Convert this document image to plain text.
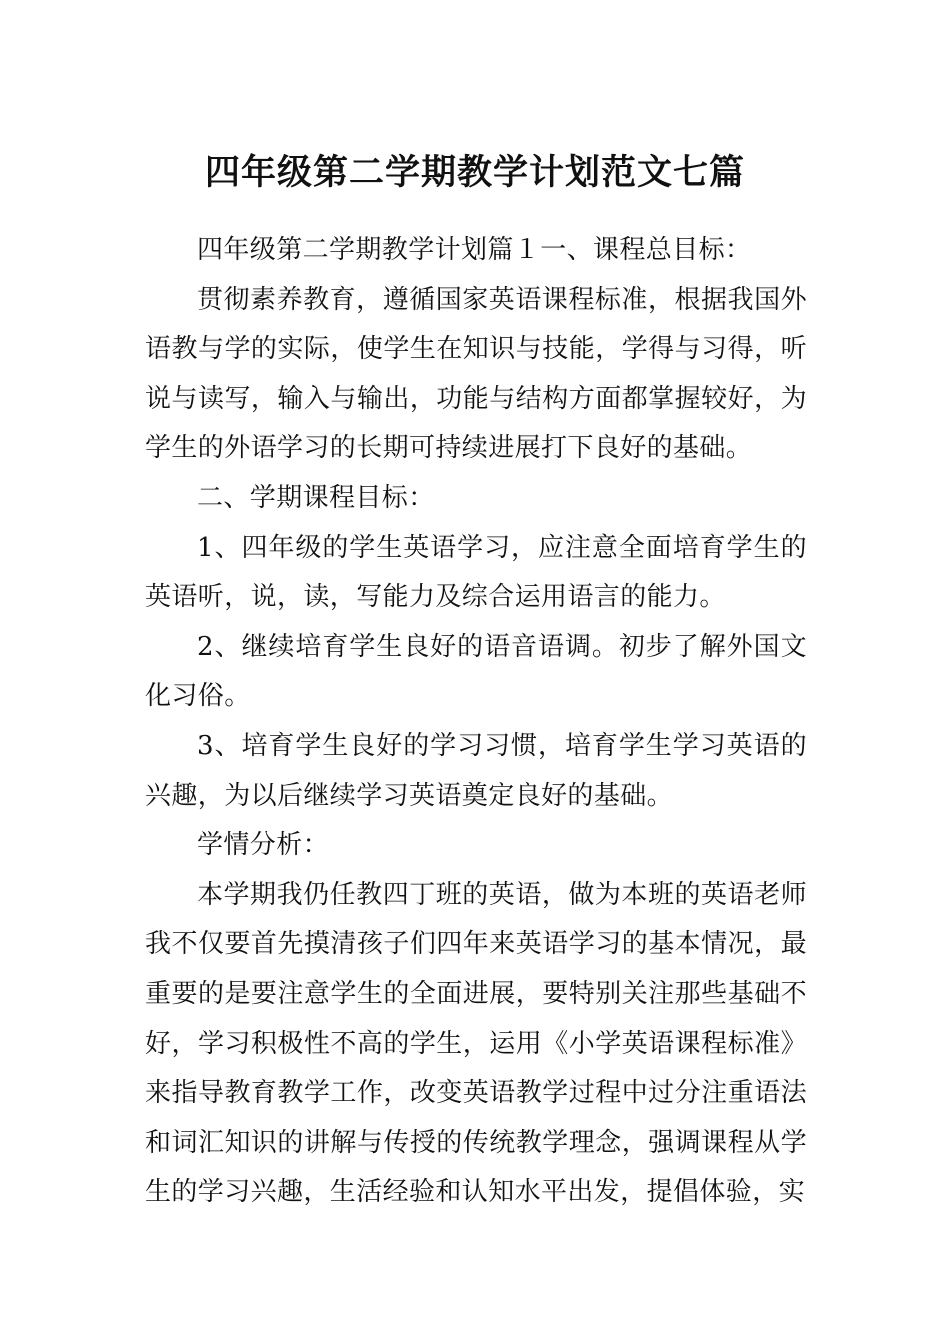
四年级第二学期教学计划范文七篇

四年级第二学期教学计划篇１一、课程总目标：

贯彻素养教育，遵循国家英语课程标准，根据我国外语教与学的实际，使学生在知识与技能，学得与习得，听说与读写，输入与输出，功能与结构方面都掌握较好，为学生的外语学习的长期可持续进展打下良好的基础。

二、学期课程目标：

1、四年级的学生英语学习，应注意全面培育学生的英语听，说，读，写能力及综合运用语言的能力。

2、继续培育学生良好的语音语调。初步了解外国文化习俗。

3、培育学生良好的学习习惯，培育学生学习英语的兴趣，为以后继续学习英语奠定良好的基础。

学情分析：

本学期我仍任教四丁班的英语，做为本班的英语老师我不仅要首先摸清孩子们四年来英语学习的基本情况，最重要的是要注意学生的全面进展，要特别关注那些基础不好，学习积极性不高的学生，运用《小学英语课程标准》来指导教育教学工作，改变英语教学过程中过分注重语法和词汇知识的讲解与传授的传统教学理念，强调课程从学生的学习兴趣，生活经验和认知水平出发，提倡体验，实
